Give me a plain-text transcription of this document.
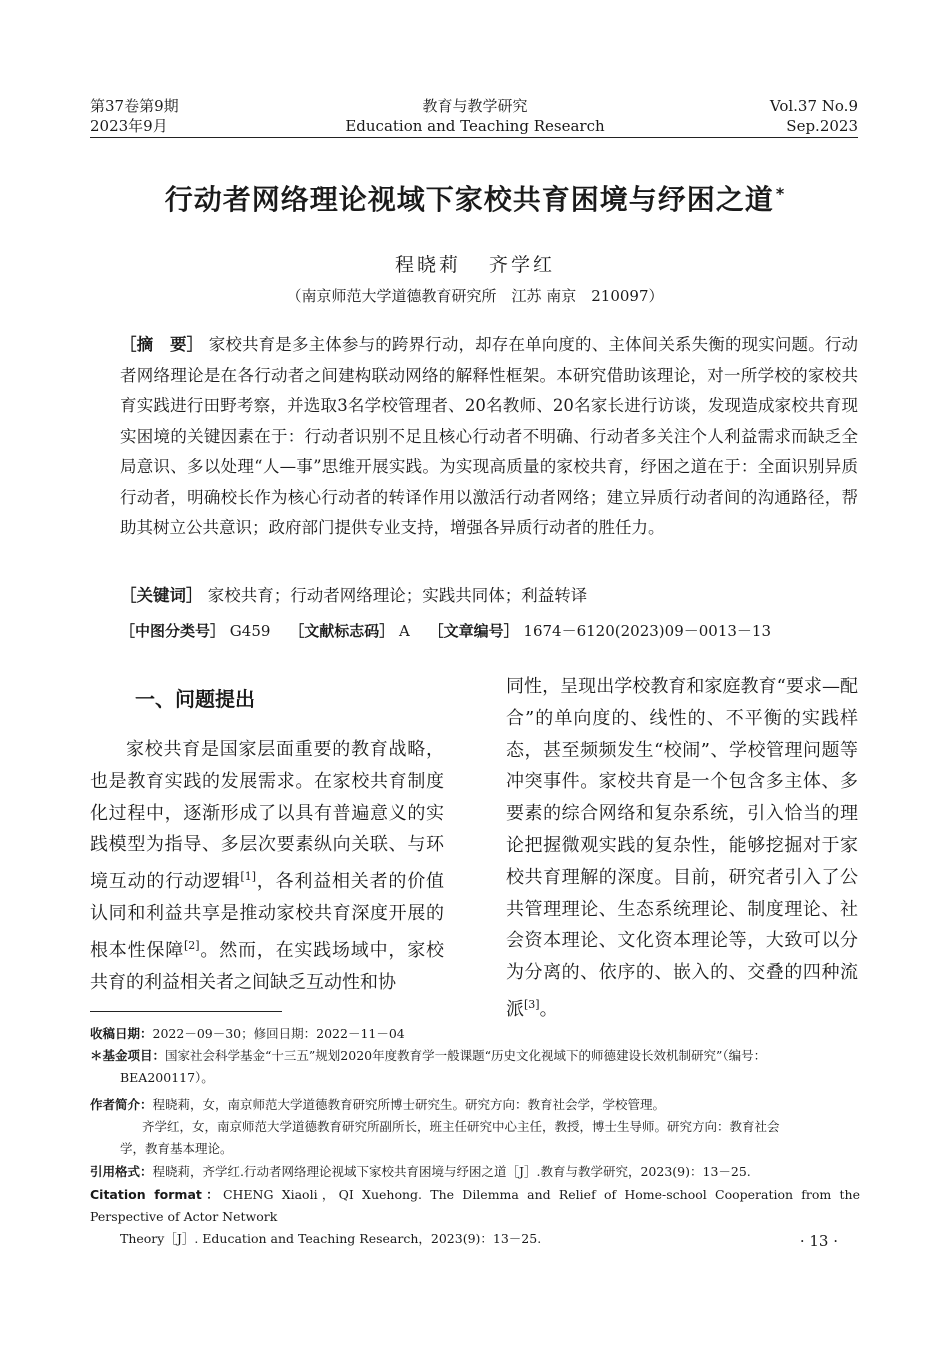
第37卷第9期
2023年9月
教育与教学研究
Education and Teaching Research
Vol.37 No.9
Sep.2023
行动者网络理论视域下家校共育困境与纾困之道 *
程晓莉 齐学红
（南京师范大学道德教育研究所　江苏 南京　210097）
［摘　要］ 家校共育是多主体参与的跨界行动，却存在单向度的、主体间关系失衡的现实问题。行动者网络理论是在各行动者之间建构联动网络的解释性框架。本研究借助该理论，对一所学校的家校共育实践进行田野考察，并选取3名学校管理者、20名教师、20名家长进行访谈，发现造成家校共育现实困境的关键因素在于：行动者识别不足且核心行动者不明确、行动者多关注个人利益需求而缺乏全局意识、多以处理“人—事”思维开展实践。为实现高质量的家校共育，纾困之道在于：全面识别异质行动者，明确校长作为核心行动者的转译作用以激活行动者网络；建立异质行动者间的沟通路径，帮助其树立公共意识；政府部门提供专业支持，增强各异质行动者的胜任力。
［关键词］ 家校共育；行动者网络理论；实践共同体；利益转译
［中图分类号］ G459 ［文献标志码］ A ［文章编号］ 1674－6120(2023)09－0013－13
一、问题提出
家校共育是国家层面重要的教育战略，也是教育实践的发展需求。在家校共育制度化过程中，逐渐形成了以具有普遍意义的实践模型为指导、多层次要素纵向关联、与环境互动的行动逻辑[1]，各利益相关者的价值认同和利益共享是推动家校共育深度开展的根本性保障[2]。然而，在实践场域中，家校共育的利益相关者之间缺乏互动性和协
同性，呈现出学校教育和家庭教育“要求—配合”的单向度的、线性的、不平衡的实践样态，甚至频频发生“校闹”、学校管理问题等冲突事件。家校共育是一个包含多主体、多要素的综合网络和复杂系统，引入恰当的理论把握微观实践的复杂性，能够挖掘对于家校共育理解的深度。目前，研究者引入了公共管理理论、生态系统理论、制度理论、社会资本理论、文化资本理论等，大致可以分为分离的、依序的、嵌入的、交叠的四种流派[3]。
收稿日期：2022－09－30；修回日期：2022－11－04
＊基金项目：国家社会科学基金“十三五”规划2020年度教育学一般课题“历史文化视域下的师德建设长效机制研究”（编号：
BEA200117）。
作者简介：程晓莉，女，南京师范大学道德教育研究所博士研究生。研究方向：教育社会学，学校管理。
齐学红，女，南京师范大学道德教育研究所副所长，班主任研究中心主任，教授，博士生导师。研究方向：教育社会
学，教育基本理论。
引用格式：程晓莉，齐学红.行动者网络理论视域下家校共育困境与纾困之道［J］.教育与教学研究，2023(9)：13－25.
Citation format：CHENG Xiaoli，QI Xuehong. The Dilemma and Relief of Home-school Cooperation from the Perspective of Actor Network
Theory［J］. Education and Teaching Research，2023(9)：13－25.	· 13 ·
